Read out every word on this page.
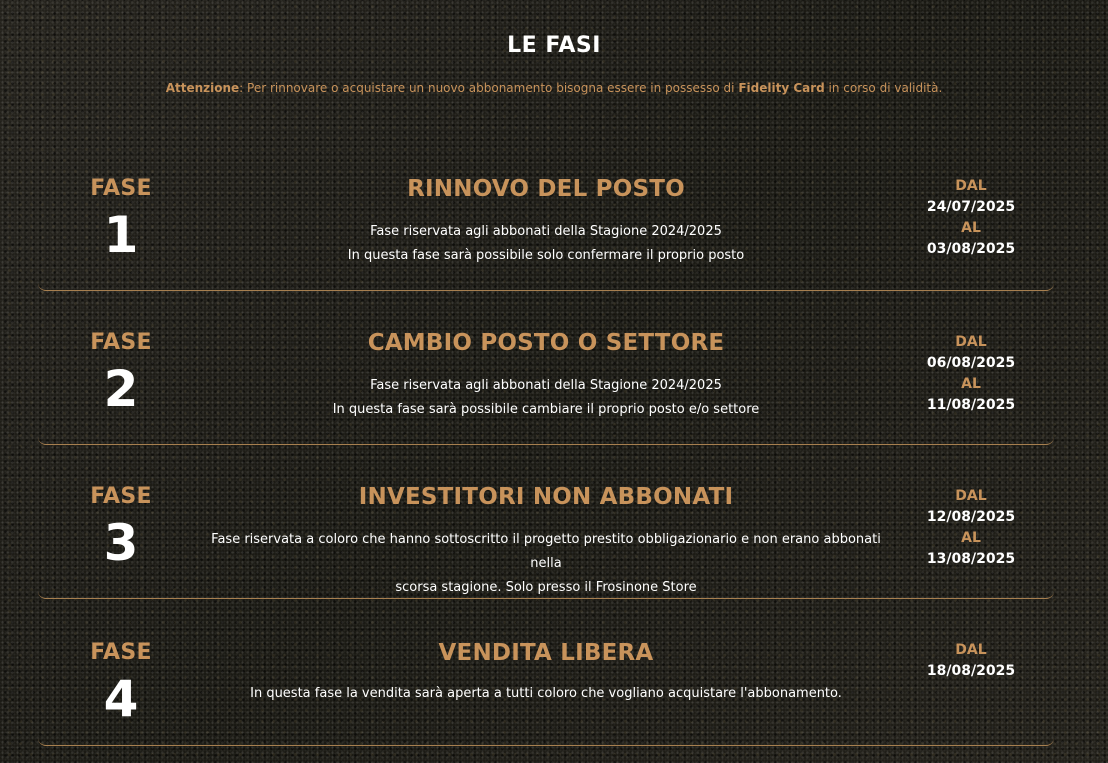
LE FASI
Attenzione: Per rinnovare o acquistare un nuovo abbonamento bisogna essere in possesso di Fidelity Card in corso di validità.
FASE
1
RINNOVO DEL POSTO
Fase riservata agli abbonati della Stagione 2024/2025
In questa fase sarà possibile solo confermare il proprio posto
DAL
24/07/2025
AL
03/08/2025
FASE
2
CAMBIO POSTO O SETTORE
Fase riservata agli abbonati della Stagione 2024/2025
In questa fase sarà possibile cambiare il proprio posto e/o settore
DAL
06/08/2025
AL
11/08/2025
FASE
3
INVESTITORI NON ABBONATI
Fase riservata a coloro che hanno sottoscritto il progetto prestito obbligazionario e non erano abbonati nella
scorsa stagione. Solo presso il Frosinone Store
DAL
12/08/2025
AL
13/08/2025
FASE
4
VENDITA LIBERA
In questa fase la vendita sarà aperta a tutti coloro che vogliano acquistare l'abbonamento.
DAL
18/08/2025
